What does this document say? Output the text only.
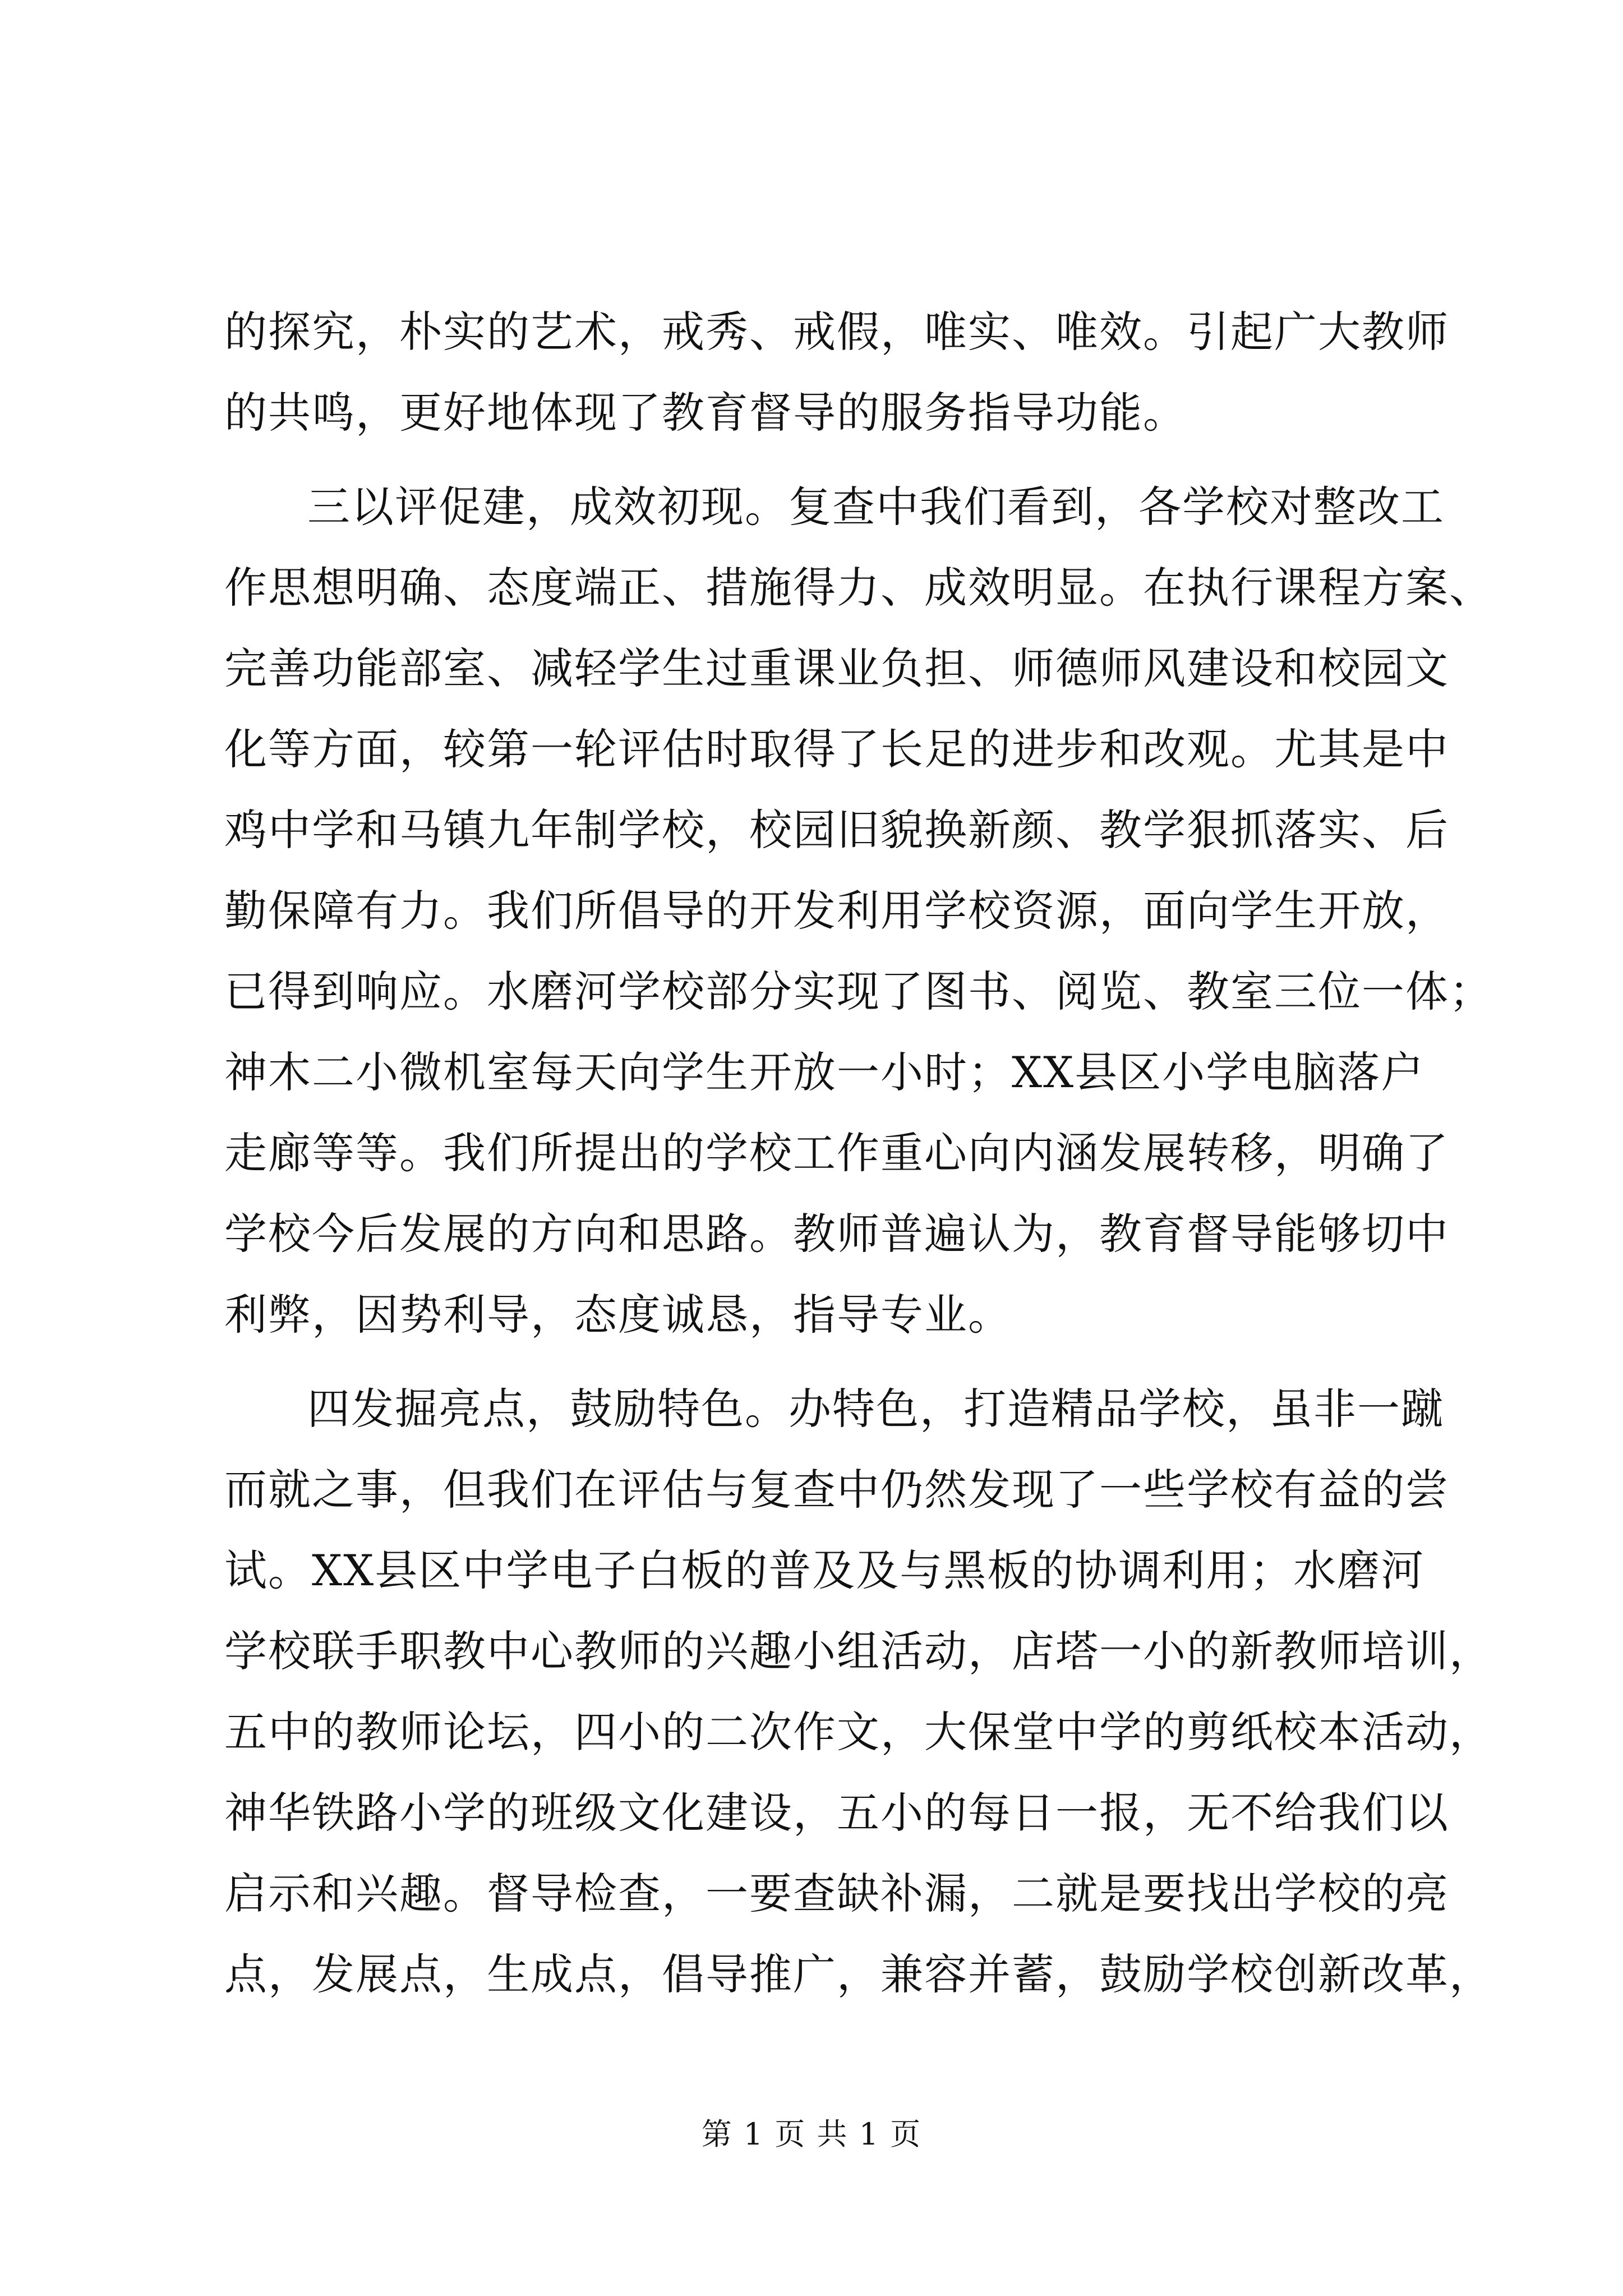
的探究，朴实的艺术，戒秀、戒假，唯实、唯效。引起广大教师
的共鸣，更好地体现了教育督导的服务指导功能。
三以评促建，成效初现。复查中我们看到，各学校对整改工
作思想明确、态度端正、措施得力、成效明显。在执行课程方案、
完善功能部室、减轻学生过重课业负担、师德师风建设和校园文
化等方面，较第一轮评估时取得了长足的进步和改观。尤其是中
鸡中学和马镇九年制学校，校园旧貌换新颜、教学狠抓落实、后
勤保障有力。我们所倡导的开发利用学校资源，面向学生开放，
已得到响应。水磨河学校部分实现了图书、阅览、教室三位一体；
神木二小微机室每天向学生开放一小时；XX县区小学电脑落户
走廊等等。我们所提出的学校工作重心向内涵发展转移，明确了
学校今后发展的方向和思路。教师普遍认为，教育督导能够切中
利弊，因势利导，态度诚恳，指导专业。
四发掘亮点，鼓励特色。办特色，打造精品学校，虽非一蹴
而就之事，但我们在评估与复查中仍然发现了一些学校有益的尝
试。XX县区中学电子白板的普及及与黑板的协调利用；水磨河
学校联手职教中心教师的兴趣小组活动，店塔一小的新教师培训，
五中的教师论坛，四小的二次作文，大保堂中学的剪纸校本活动，
神华铁路小学的班级文化建设，五小的每日一报，无不给我们以
启示和兴趣。督导检查，一要查缺补漏，二就是要找出学校的亮
点，发展点，生成点，倡导推广，兼容并蓄，鼓励学校创新改革，
第 1 页 共 1 页
